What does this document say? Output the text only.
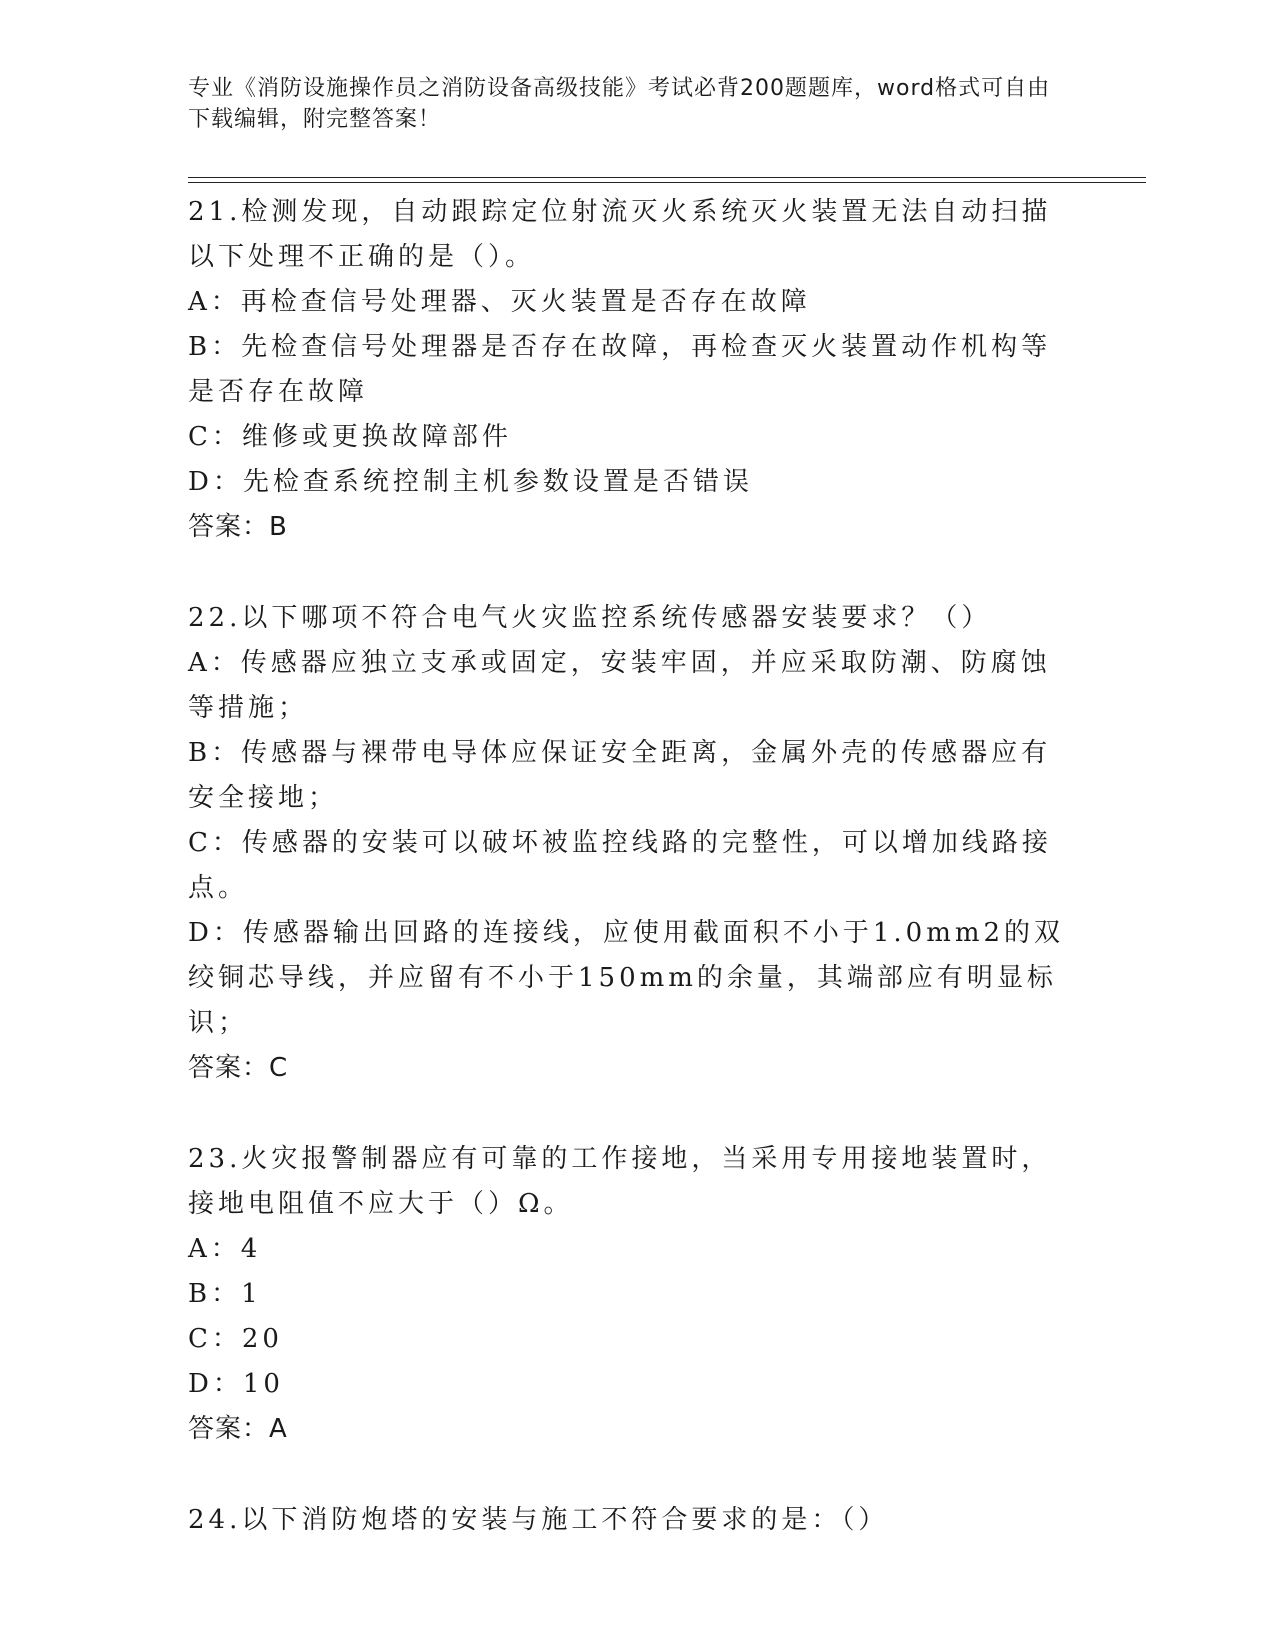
专业《消防设施操作员之消防设备高级技能》考试必背200题题库，word格式可自由下载编辑，附完整答案！

21.检测发现，自动跟踪定位射流灭火系统灭火装置无法自动扫描以下处理不正确的是（）。

A：再检查信号处理器、灭火装置是否存在故障

B：先检查信号处理器是否存在故障，再检查灭火装置动作机构等是否存在故障

C：维修或更换故障部件

D：先检查系统控制主机参数设置是否错误

答案：B

22.以下哪项不符合电气火灾监控系统传感器安装要求？（）

A：传感器应独立支承或固定，安装牢固，并应采取防潮、防腐蚀等措施；

B：传感器与裸带电导体应保证安全距离，金属外壳的传感器应有安全接地；

C：传感器的安装可以破坏被监控线路的完整性，可以增加线路接点。

D：传感器输出回路的连接线，应使用截面积不小于1.0mm2的双绞铜芯导线，并应留有不小于150mm的余量，其端部应有明显标识；

答案：C

23.火灾报警制器应有可靠的工作接地，当采用专用接地装置时，接地电阻值不应大于（）Ω。

A：4

B：1

C：20

D：10

答案：A

24.以下消防炮塔的安装与施工不符合要求的是：（）
